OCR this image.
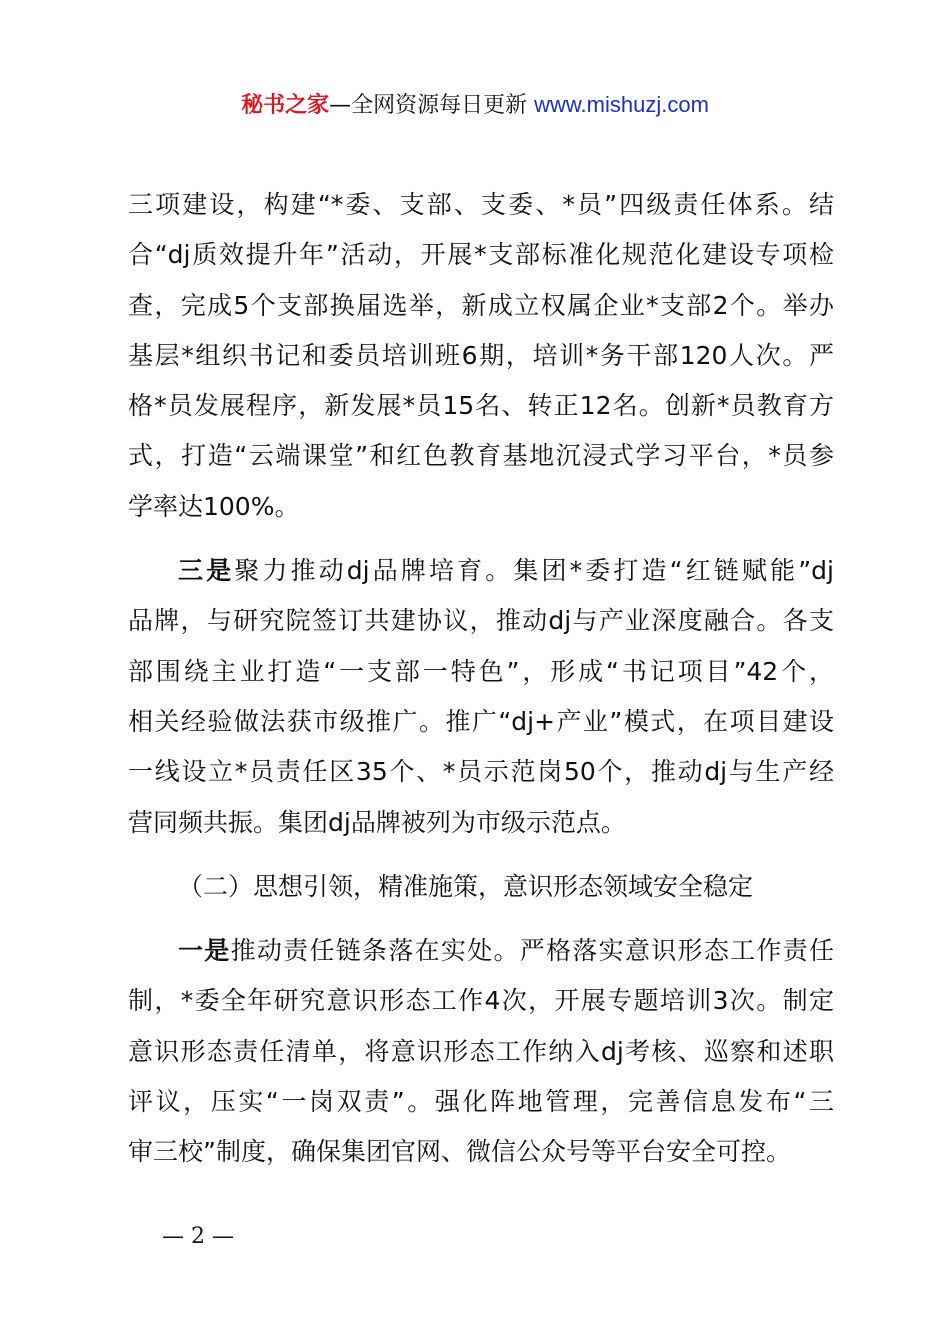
秘书之家—全网资源每日更新 www.mishuzj.com
三项建设，构建“*委、支部、支委、*员”四级责任体系。结
合“dj质效提升年”活动，开展*支部标准化规范化建设专项检
查，完成5个支部换届选举，新成立权属企业*支部2个。举办
基层*组织书记和委员培训班6期，培训*务干部120人次。严
格*员发展程序，新发展*员15名、转正12名。创新*员教育方
式，打造“云端课堂”和红色教育基地沉浸式学习平台，*员参
学率达100%。
三是聚力推动dj品牌培育。集团*委打造“红链赋能”dj
品牌，与研究院签订共建协议，推动dj与产业深度融合。各支
部围绕主业打造“一支部一特色”，形成“书记项目”42个，
相关经验做法获市级推广。推广“dj+产业”模式，在项目建设
一线设立*员责任区35个、*员示范岗50个，推动dj与生产经
营同频共振。集团dj品牌被列为市级示范点。
（二）思想引领，精准施策，意识形态领域安全稳定
一是推动责任链条落在实处。严格落实意识形态工作责任
制，*委全年研究意识形态工作4次，开展专题培训3次。制定
意识形态责任清单，将意识形态工作纳入dj考核、巡察和述职
评议，压实“一岗双责”。强化阵地管理，完善信息发布“三
审三校”制度，确保集团官网、微信公众号等平台安全可控。
— 2 —
